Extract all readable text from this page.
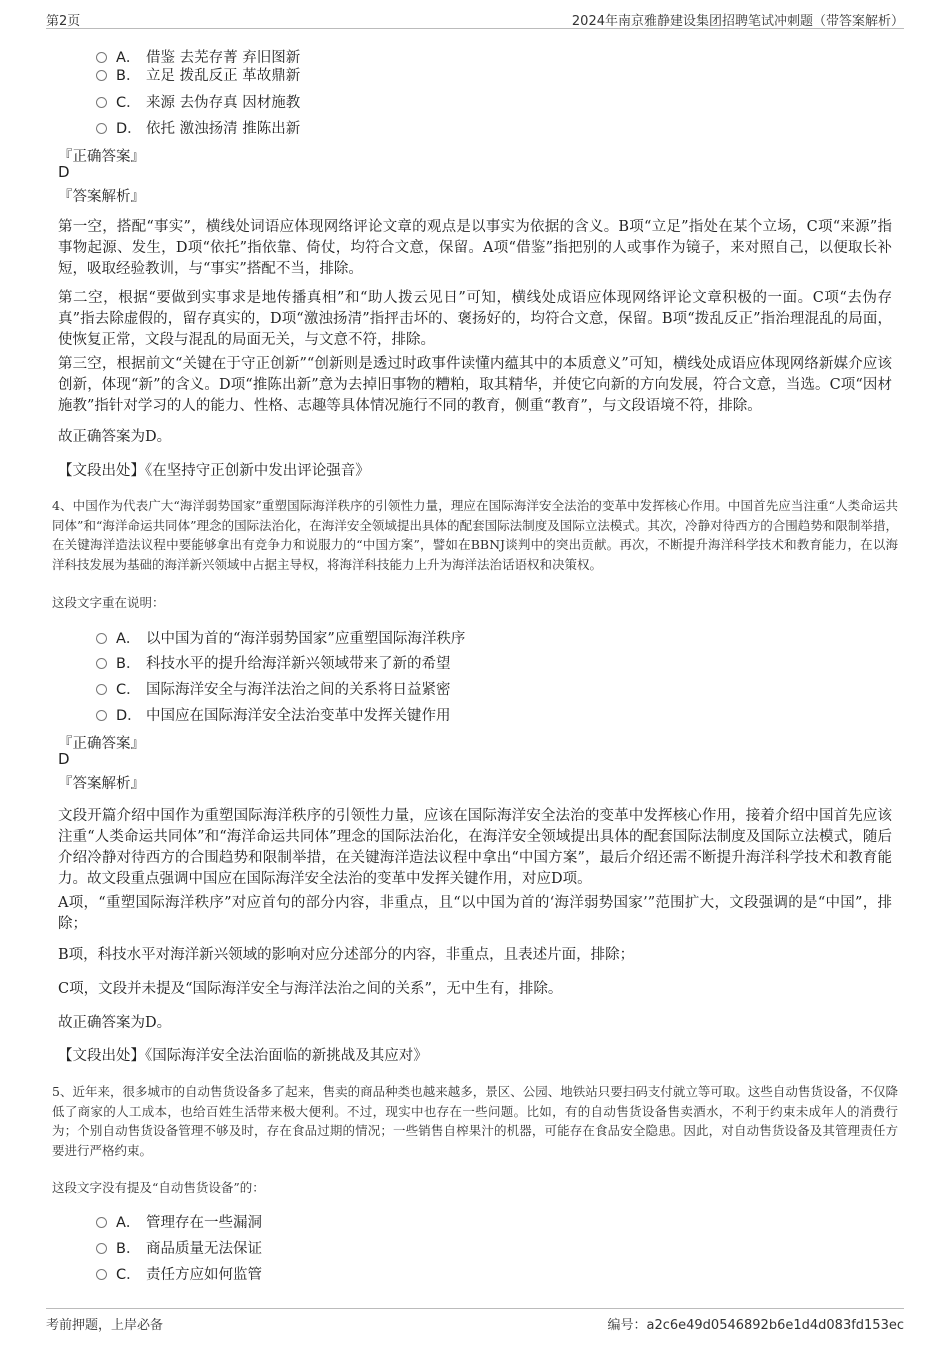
第2页	2024年南京雅静建设集团招聘笔试冲刺题（带答案解析）
A． 借鉴 去芜存菁 弃旧图新
B． 立足 拨乱反正 革故鼎新
C． 来源 去伪存真 因材施教
D． 依托 激浊扬清 推陈出新
『正确答案』
D
『答案解析』
第一空，搭配“事实”，横线处词语应体现网络评论文章的观点是以事实为依据的含义。B项“立足”指处在某个立场，C项“来源”指事物起源、发生，D项“依托”指依靠、倚仗，均符合文意，保留。A项“借鉴”指把别的人或事作为镜子，来对照自己，以便取长补短，吸取经验教训，与“事实”搭配不当，排除。
第二空，根据“要做到实事求是地传播真相”和“助人拨云见日”可知，横线处成语应体现网络评论文章积极的一面。C项“去伪存真”指去除虚假的，留存真实的，D项“激浊扬清”指抨击坏的、褒扬好的，均符合文意，保留。B项“拨乱反正”指治理混乱的局面，使恢复正常，文段与混乱的局面无关，与文意不符，排除。
第三空，根据前文“关键在于守正创新”“创新则是透过时政事件读懂内蕴其中的本质意义”可知，横线处成语应体现网络新媒介应该创新，体现“新”的含义。D项“推陈出新”意为去掉旧事物的糟粕，取其精华，并使它向新的方向发展，符合文意，当选。C项“因材施教”指针对学习的人的能力、性格、志趣等具体情况施行不同的教育，侧重“教育”，与文段语境不符，排除。
故正确答案为D。
【文段出处】《在坚持守正创新中发出评论强音》
4、中国作为代表广大“海洋弱势国家”重塑国际海洋秩序的引领性力量，理应在国际海洋安全法治的变革中发挥核心作用。中国首先应当注重“人类命运共同体”和“海洋命运共同体”理念的国际法治化，在海洋安全领域提出具体的配套国际法制度及国际立法模式。其次，冷静对待西方的合围趋势和限制举措，在关键海洋造法议程中要能够拿出有竞争力和说服力的“中国方案”，譬如在BBNJ谈判中的突出贡献。再次，不断提升海洋科学技术和教育能力，在以海洋科技发展为基础的海洋新兴领域中占据主导权，将海洋科技能力上升为海洋法治话语权和决策权。
这段文字重在说明：
A． 以中国为首的“海洋弱势国家”应重塑国际海洋秩序
B． 科技水平的提升给海洋新兴领域带来了新的希望
C． 国际海洋安全与海洋法治之间的关系将日益紧密
D． 中国应在国际海洋安全法治变革中发挥关键作用
『正确答案』
D
『答案解析』
文段开篇介绍中国作为重塑国际海洋秩序的引领性力量，应该在国际海洋安全法治的变革中发挥核心作用，接着介绍中国首先应该注重“人类命运共同体”和“海洋命运共同体”理念的国际法治化，在海洋安全领域提出具体的配套国际法制度及国际立法模式，随后介绍冷静对待西方的合围趋势和限制举措，在关键海洋造法议程中拿出“中国方案”，最后介绍还需不断提升海洋科学技术和教育能力。故文段重点强调中国应在国际海洋安全法治的变革中发挥关键作用，对应D项。
A项，“重塑国际海洋秩序”对应首句的部分内容，非重点，且“以中国为首的‘海洋弱势国家’”范围扩大，文段强调的是“中国”，排除；
B项，科技水平对海洋新兴领域的影响对应分述部分的内容，非重点，且表述片面，排除；
C项，文段并未提及“国际海洋安全与海洋法治之间的关系”，无中生有，排除。
故正确答案为D。
【文段出处】《国际海洋安全法治面临的新挑战及其应对》
5、近年来，很多城市的自动售货设备多了起来，售卖的商品种类也越来越多，景区、公园、地铁站只要扫码支付就立等可取。这些自动售货设备，不仅降低了商家的人工成本，也给百姓生活带来极大便利。不过，现实中也存在一些问题。比如，有的自动售货设备售卖酒水，不利于约束未成年人的消费行为；个别自动售货设备管理不够及时，存在食品过期的情况；一些销售自榨果汁的机器，可能存在食品安全隐患。因此，对自动售货设备及其管理责任方要进行严格约束。
这段文字没有提及“自动售货设备”的：
A． 管理存在一些漏洞
B． 商品质量无法保证
C． 责任方应如何监管
考前押题，上岸必备	编号：a2c6e49d0546892b6e1d4d083fd153ec
